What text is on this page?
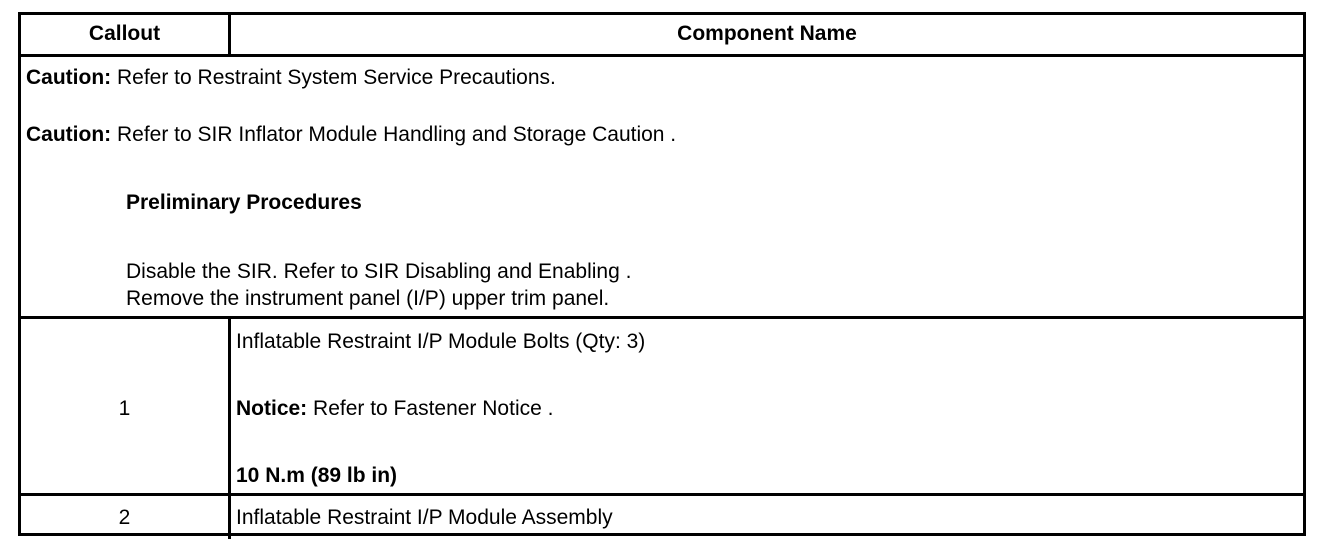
Callout	Component Name
Caution: Refer to Restraint System Service Precautions.
Caution: Refer to SIR Inflator Module Handling and Storage Caution .
Preliminary Procedures
Disable the SIR. Refer to SIR Disabling and Enabling .
Remove the instrument panel (I/P) upper trim panel.
1
Inflatable Restraint I/P Module Bolts (Qty: 3)
Notice: Refer to Fastener Notice .
10 N.m (89 lb in)
2	Inflatable Restraint I/P Module Assembly
